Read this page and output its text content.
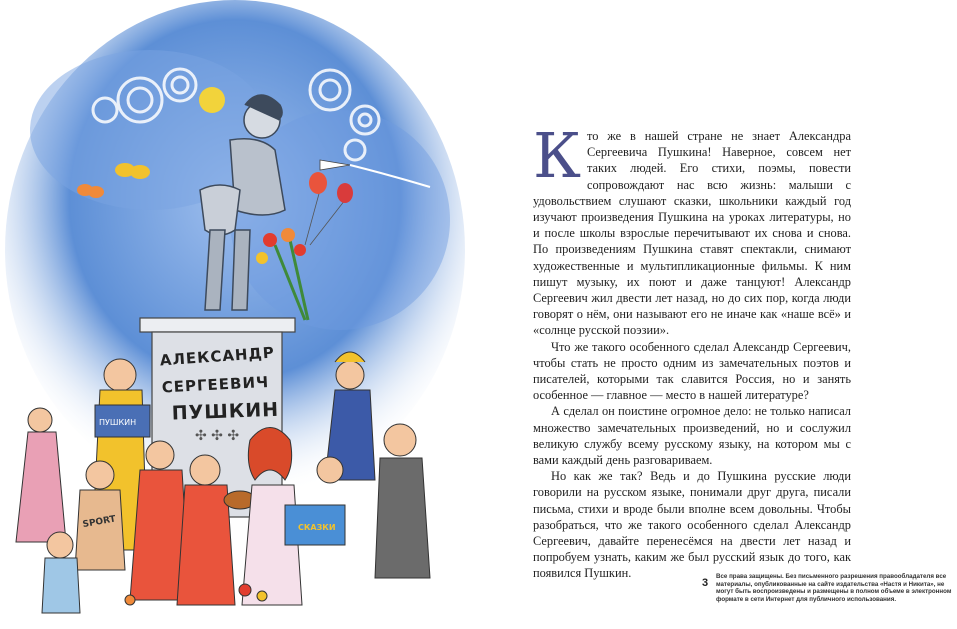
АЛЕКСАНДР
СЕРГЕЕВИЧ
ПУШКИН
✣ ✣ ✣
ПУШКИН
SPORT	СКАЗКИ

Кто же в нашей стране не знает Александра Сергеевича Пушкина! Наверное, совсем нет таких людей. Его стихи, поэмы, повести сопровождают нас всю жизнь: малыши с удовольствием слушают сказки, школьники каждый год изучают произведения Пушкина на уроках литературы, но и после школы взрослые перечитывают их снова и снова. По произведениям Пушкина ставят спектакли, снимают художественные и мультипликационные фильмы. К ним пишут музыку, их поют и даже танцуют! Александр Сергеевич жил двести лет назад, но до сих пор, когда люди говорят о нём, они называют его не иначе как «наше всё» и «солнце русской поэзии».

Что же такого особенного сделал Александр Сергеевич, чтобы стать не просто одним из замечательных поэтов и писателей, которыми так славится Россия, но и занять особенное — главное — место в нашей литературе?

А сделал он поистине огромное дело: не только написал множество замечательных произведений, но и сослужил великую службу всему русскому языку, на котором мы с вами каждый день разговариваем.

Но как же так? Ведь и до Пушкина русские люди говорили на русском языке, понимали друг друга, писали письма, стихи и вроде были вполне всем довольны. Чтобы разобраться, что же такого особенного сделал Александр Сергеевич, давайте перенесёмся на двести лет назад и попробуем узнать, каким же был русский язык до того, как появился Пушкин.

3
Все права защищены. Без письменного разрешения правообладателя все материалы, опубликованные на сайте издательства «Настя и Никита», не могут быть воспроизведены и размещены в полном объеме в электронном формате в сети Интернет для публичного использования.
